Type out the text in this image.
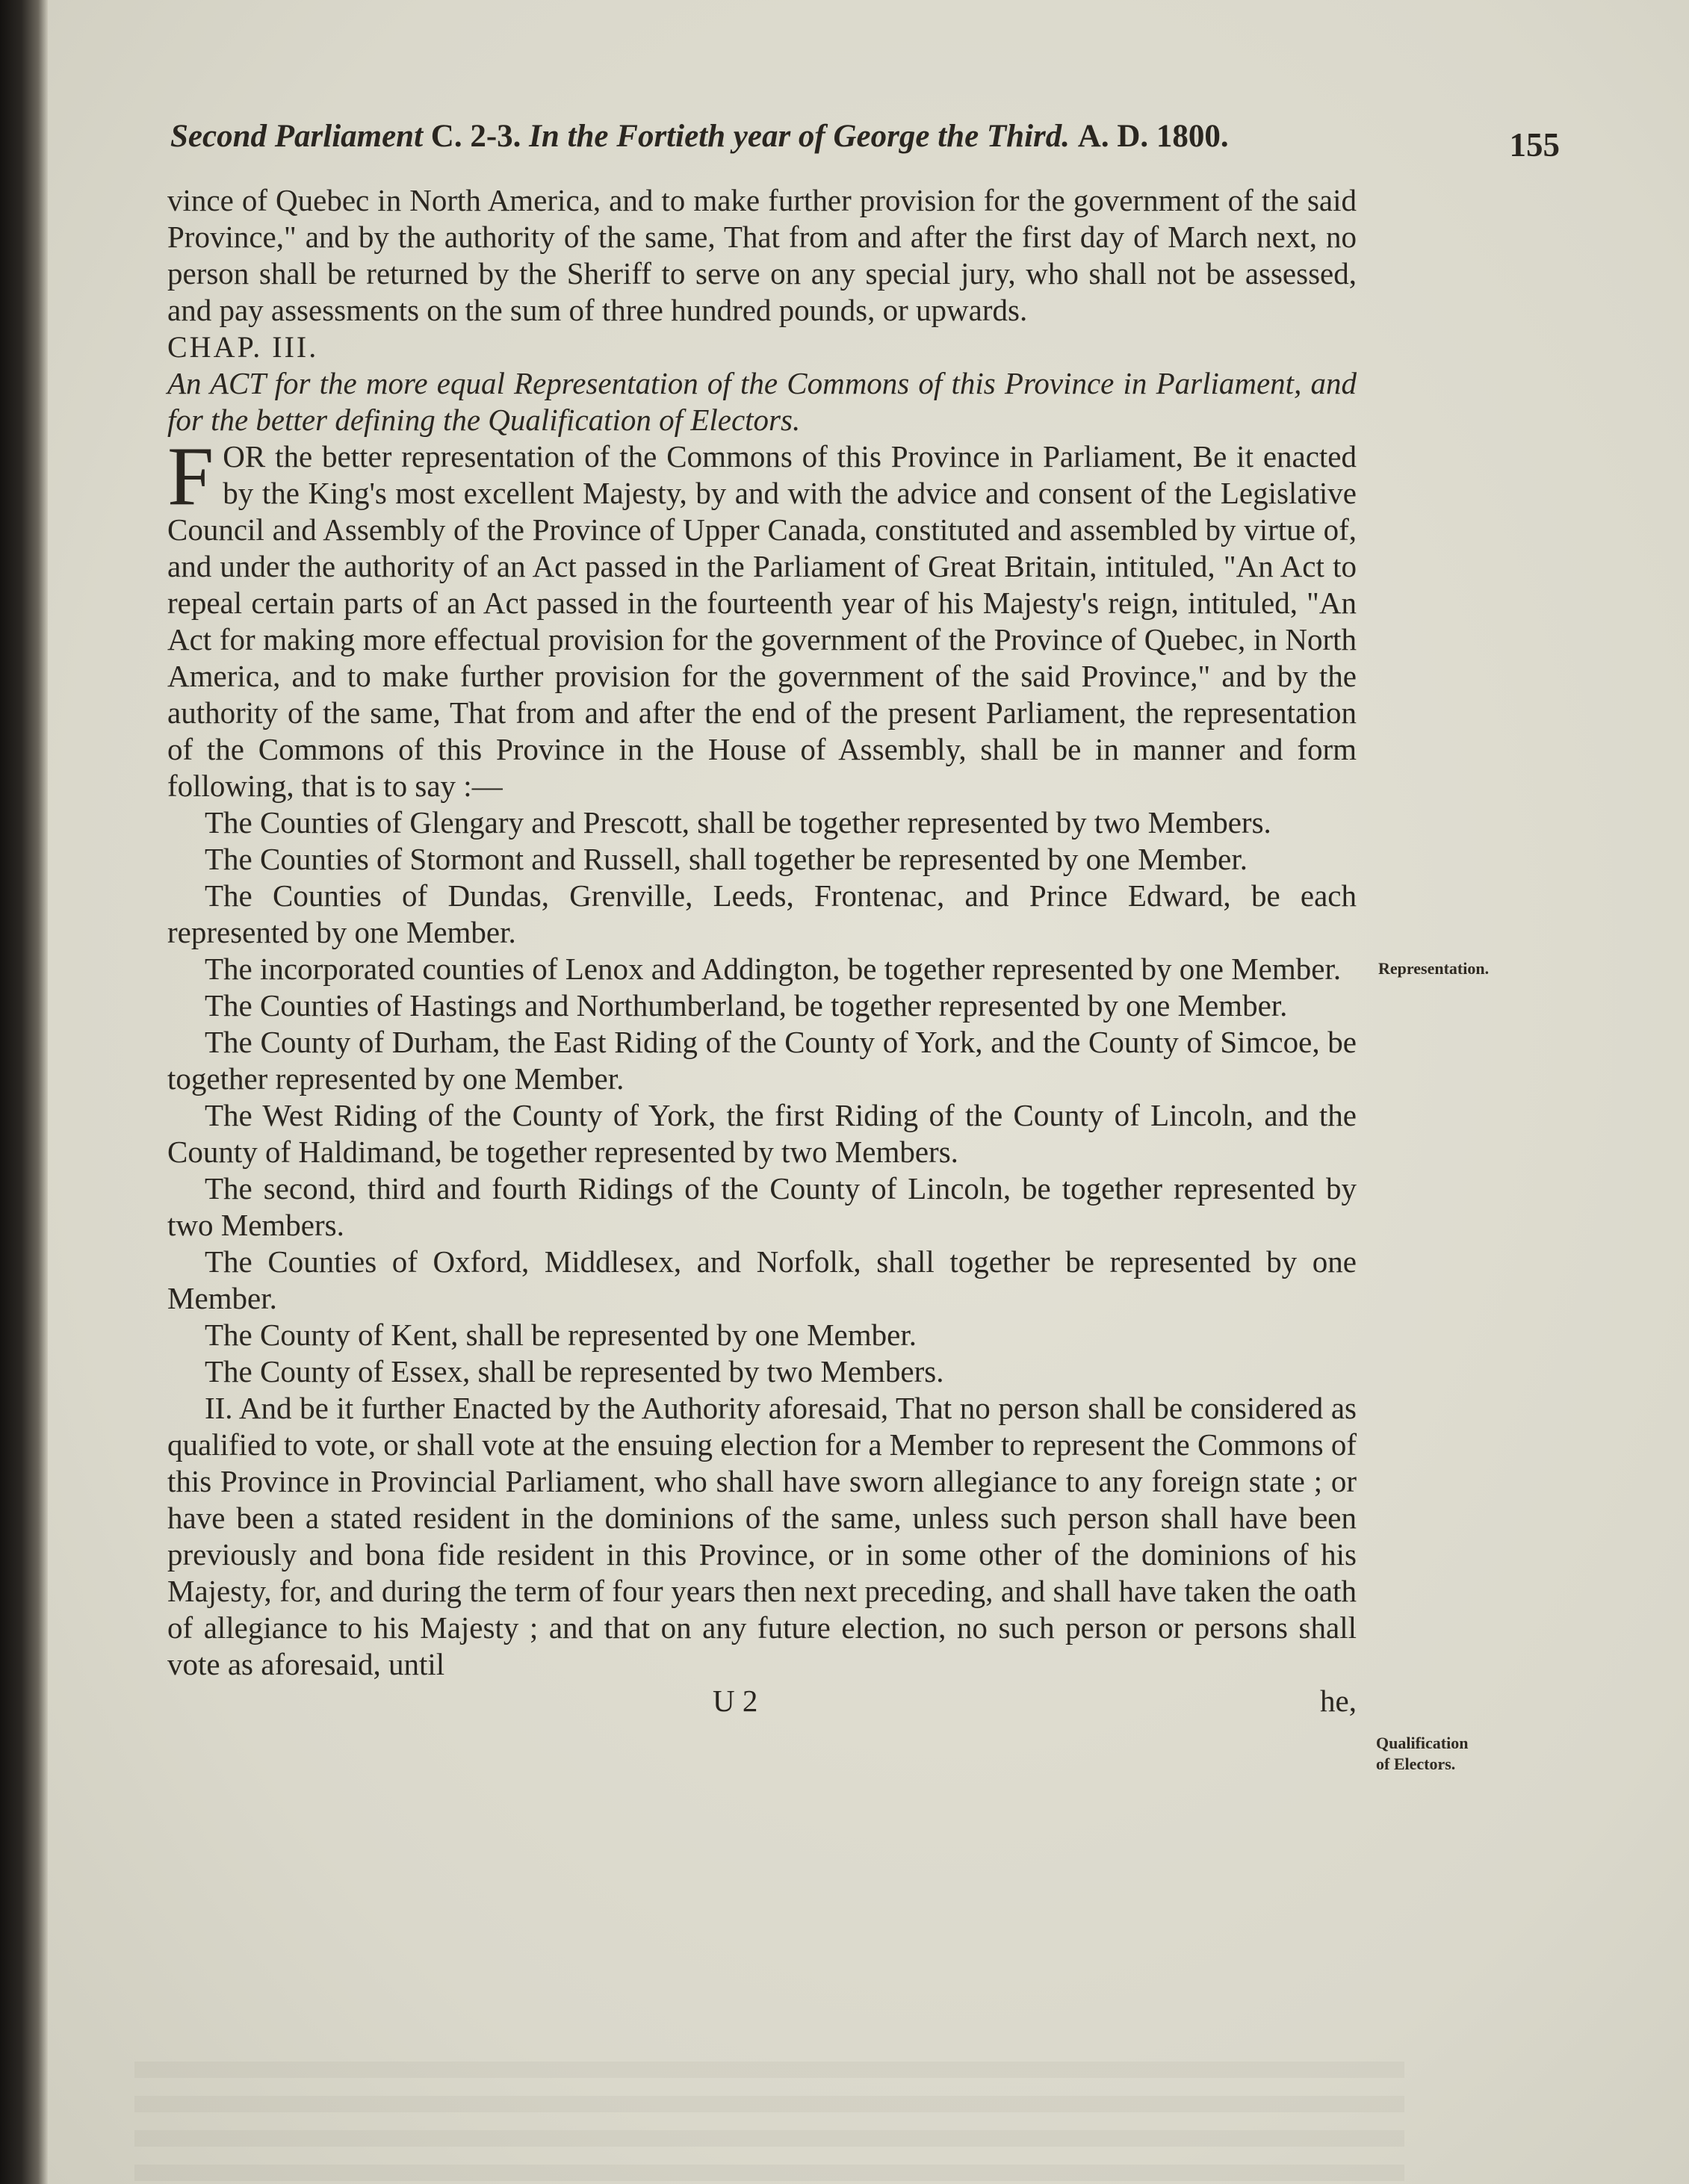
Second Parliament C. 2-3. In the Fortieth year of George the Third. A. D. 1800.	155

vince of Quebec in North America, and to make further provision for the government of the said Province," and by the authority of the same, That from and after the first day of March next, no person shall be returned by the Sheriff to serve on any special jury, who shall not be assessed, and pay assessments on the sum of three hundred pounds, or upwards.

CHAP. III.

An ACT for the more equal Representation of the Commons of this Province in Parliament, and for the better defining the Qualification of Electors.

FOR the better representation of the Commons of this Province in Parliament, Be it enacted by the King's most excellent Majesty, by and with the advice and consent of the Legislative Council and Assembly of the Province of Upper Canada, constituted and assembled by virtue of, and under the authority of an Act passed in the Parliament of Great Britain, intituled, "An Act to repeal certain parts of an Act passed in the fourteenth year of his Majesty's reign, intituled, "An Act for making more effectual provision for the government of the Province of Quebec, in North America, and to make further provision for the government of the said Province," and by the authority of the same, That from and after the end of the present Parliament, the representation of the Commons of this Province in the House of Assembly, shall be in manner and form following, that is to say :—

The Counties of Glengary and Prescott, shall be together represented by two Members.

The Counties of Stormont and Russell, shall together be represented by one Member.

The Counties of Dundas, Grenville, Leeds, Frontenac, and Prince Edward, be each represented by one Member.

The incorporated counties of Lenox and Addington, be together represented by one Member.

The Counties of Hastings and Northumberland, be together represented by one Member.

The County of Durham, the East Riding of the County of York, and the County of Simcoe, be together represented by one Member.

The West Riding of the County of York, the first Riding of the County of Lincoln, and the County of Haldimand, be together represented by two Members.

The second, third and fourth Ridings of the County of Lincoln, be together represented by two Members.

The Counties of Oxford, Middlesex, and Norfolk, shall together be represented by one Member.

The County of Kent, shall be represented by one Member.

The County of Essex, shall be represented by two Members.

II. And be it further Enacted by the Authority aforesaid, That no person shall be considered as qualified to vote, or shall vote at the ensuing election for a Member to represent the Commons of this Province in Provincial Parliament, who shall have sworn allegiance to any foreign state ; or have been a stated resident in the dominions of the same, unless such person shall have been previously and bona fide resident in this Province, or in some other of the dominions of his Majesty, for, and during the term of four years then next preceding, and shall have taken the oath of allegiance to his Majesty ; and that on any future election, no such person or persons shall vote as aforesaid, until

U 2	he,
Representation.
Qualification
of Electors.
